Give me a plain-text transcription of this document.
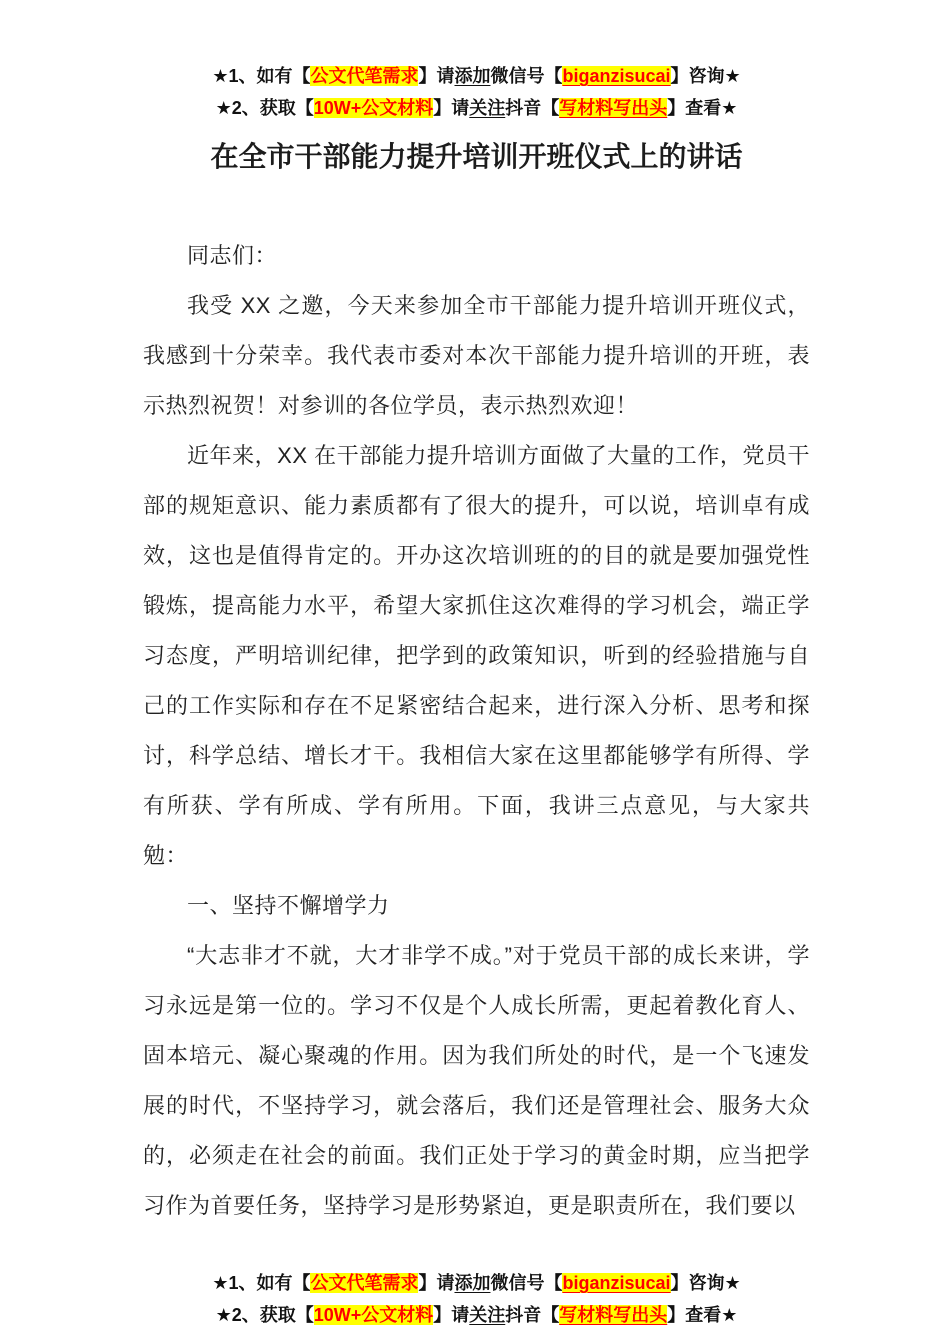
★1、如有【公文代笔需求】请添加微信号【biganzisucai】咨询★
★2、获取【10W+公文材料】请关注抖音【写材料写出头】查看★
在全市干部能力提升培训开班仪式上的讲话

同志们：

我受 XX 之邀，今天来参加全市干部能力提升培训开班仪式，我感到十分荣幸。我代表市委对本次干部能力提升培训的开班，表示热烈祝贺！对参训的各位学员，表示热烈欢迎！

近年来，XX 在干部能力提升培训方面做了大量的工作，党员干部的规矩意识、能力素质都有了很大的提升，可以说，培训卓有成效，这也是值得肯定的。开办这次培训班的的目的就是要加强党性锻炼，提高能力水平，希望大家抓住这次难得的学习机会，端正学习态度，严明培训纪律，把学到的政策知识，听到的经验措施与自己的工作实际和存在不足紧密结合起来，进行深入分析、思考和探讨，科学总结、增长才干。我相信大家在这里都能够学有所得、学有所获、学有所成、学有所用。下面，我讲三点意见，与大家共勉：

一、坚持不懈增学力

“大志非才不就，大才非学不成。”对于党员干部的成长来讲，学习永远是第一位的。学习不仅是个人成长所需，更起着教化育人、固本培元、凝心聚魂的作用。因为我们所处的时代，是一个飞速发展的时代，不坚持学习，就会落后，我们还是管理社会、服务大众的，必须走在社会的前面。我们正处于学习的黄金时期，应当把学习作为首要任务，坚持学习是形势紧迫，更是职责所在，我们要以

★1、如有【公文代笔需求】请添加微信号【biganzisucai】咨询★
★2、获取【10W+公文材料】请关注抖音【写材料写出头】查看★
